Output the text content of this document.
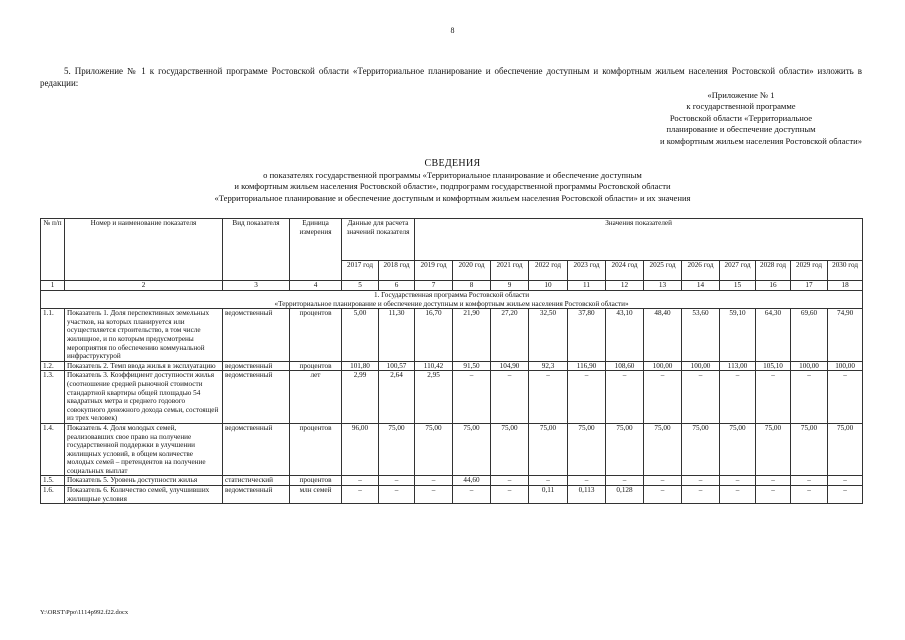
8
5. Приложение № 1 к государственной программе Ростовской области «Территориальное планирование и обеспечение доступным и комфортным жильем населения Ростовской области» изложить в редакции:
«Приложение № 1
к государственной программе
Ростовской области «Территориальное
планирование и обеспечение доступным
и комфортным жильем населения Ростовской области»
СВЕДЕНИЯ
о показателях государственной программы «Территориальное планирование и обеспечение доступным
и комфортным жильем населения Ростовской области», подпрограмм государственной программы Ростовской области
«Территориальное планирование и обеспечение доступным и комфортным жильем населения Ростовской области» и их значения
№ п/п	Номер и наименование показателя	Вид показателя	Единица измерения	Данные для расчета значений показателя		Значения показателей											
				2017 год	2018 год	2019 год	2020 год	2021 год	2022 год	2023 год	2024 год	2025 год	2026 год	2027 год	2028 год	2029 год	2030 год
1	2	3	4	5	6	7	8	9	10	11	12	13	14	15	16	17	18

1. Государственная программа Ростовской области
«Территориальное планирование и обеспечение доступным и комфортным жильем населения Ростовской области»																	

1.1.	Показатель 1. Доля перспективных земельных участков, на которых планируется или осуществляется строительство, в том числе жилищное, и по которым предусмотрены мероприятия по обеспечению коммунальной инфраструктурой	ведомственный	процентов	5,00	11,30	16,70	21,90	27,20	32,50	37,80	43,10	48,40	53,60	59,10	64,30	69,60	74,90
1.2.	Показатель 2. Темп ввода жилья в эксплуатацию	ведомственный	процентов	101,80	100,57	110,42	91,50	104,90	92,3	116,90	108,60	100,00	100,00	113,00	105,10	100,00	100,00
1.3.	Показатель 3. Коэффициент доступности жилья (соотношение средней рыночной стоимости стандартной квартиры общей площадью 54 квадратных метра и среднего годового совокупного денежного дохода семьи, состоящей из трех человек)	ведомственный	лет	2,99	2,64	2,95	–	–	–	–	–	–	–	–	–	–	–
1.4.	Показатель 4. Доля молодых семей, реализовавших свое право на получение государственной поддержки в улучшении жилищных условий, в общем количестве молодых семей – претендентов на получение социальных выплат	ведомственный	процентов	96,00	75,00	75,00	75,00	75,00	75,00	75,00	75,00	75,00	75,00	75,00	75,00	75,00	75,00
1.5.	Показатель 5. Уровень доступности жилья	статистический	процентов	–	–	–	44,60	–	–	–	–	–	–	–	–	–	–
1.6.	Показатель 6. Количество семей, улучшивших жилищные условия	ведомственный	млн семей	–	–	–	–	–	0,11	0,113	0,128	–	–	–	–	–	–
Y:\ORST\Ppo\1114p992.f22.docx
